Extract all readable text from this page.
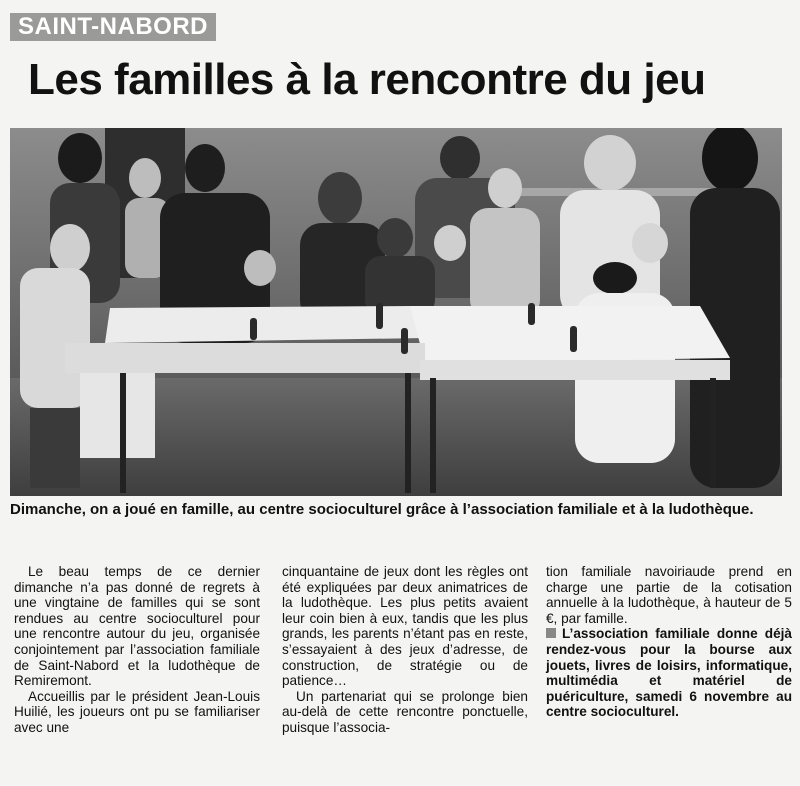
SAINT-NABORD
Les familles à la rencontre du jeu
Dimanche, on a joué en famille, au centre socioculturel grâce à l’association familiale et à la ludothèque.

Le beau temps de ce dernier dimanche n’a pas donné de regrets à une vingtaine de familles qui se sont rendues au centre socioculturel pour une rencontre autour du jeu, organisée conjointement par l’association familiale de Saint-Nabord et la ludothèque de Remiremont.

Accueillis par le président Jean-Louis Huilié, les joueurs ont pu se familiariser avec une

cinquantaine de jeux dont les règles ont été expliquées par deux animatrices de la ludothèque. Les plus petits avaient leur coin bien à eux, tandis que les plus grands, les parents n’étant pas en reste, s’essayaient à des jeux d’adresse, de construction, de stratégie ou de patience…

Un partenariat qui se prolonge bien au-delà de cette rencontre ponctuelle, puisque l’associa-

tion familiale navoiriaude prend en charge une partie de la cotisation annuelle à la ludothèque, à hauteur de 5 €, par famille.

L’association familiale donne déjà rendez-vous pour la bourse aux jouets, livres de loisirs, informatique, multimédia et matériel de puériculture, samedi 6 novembre au centre socioculturel.
